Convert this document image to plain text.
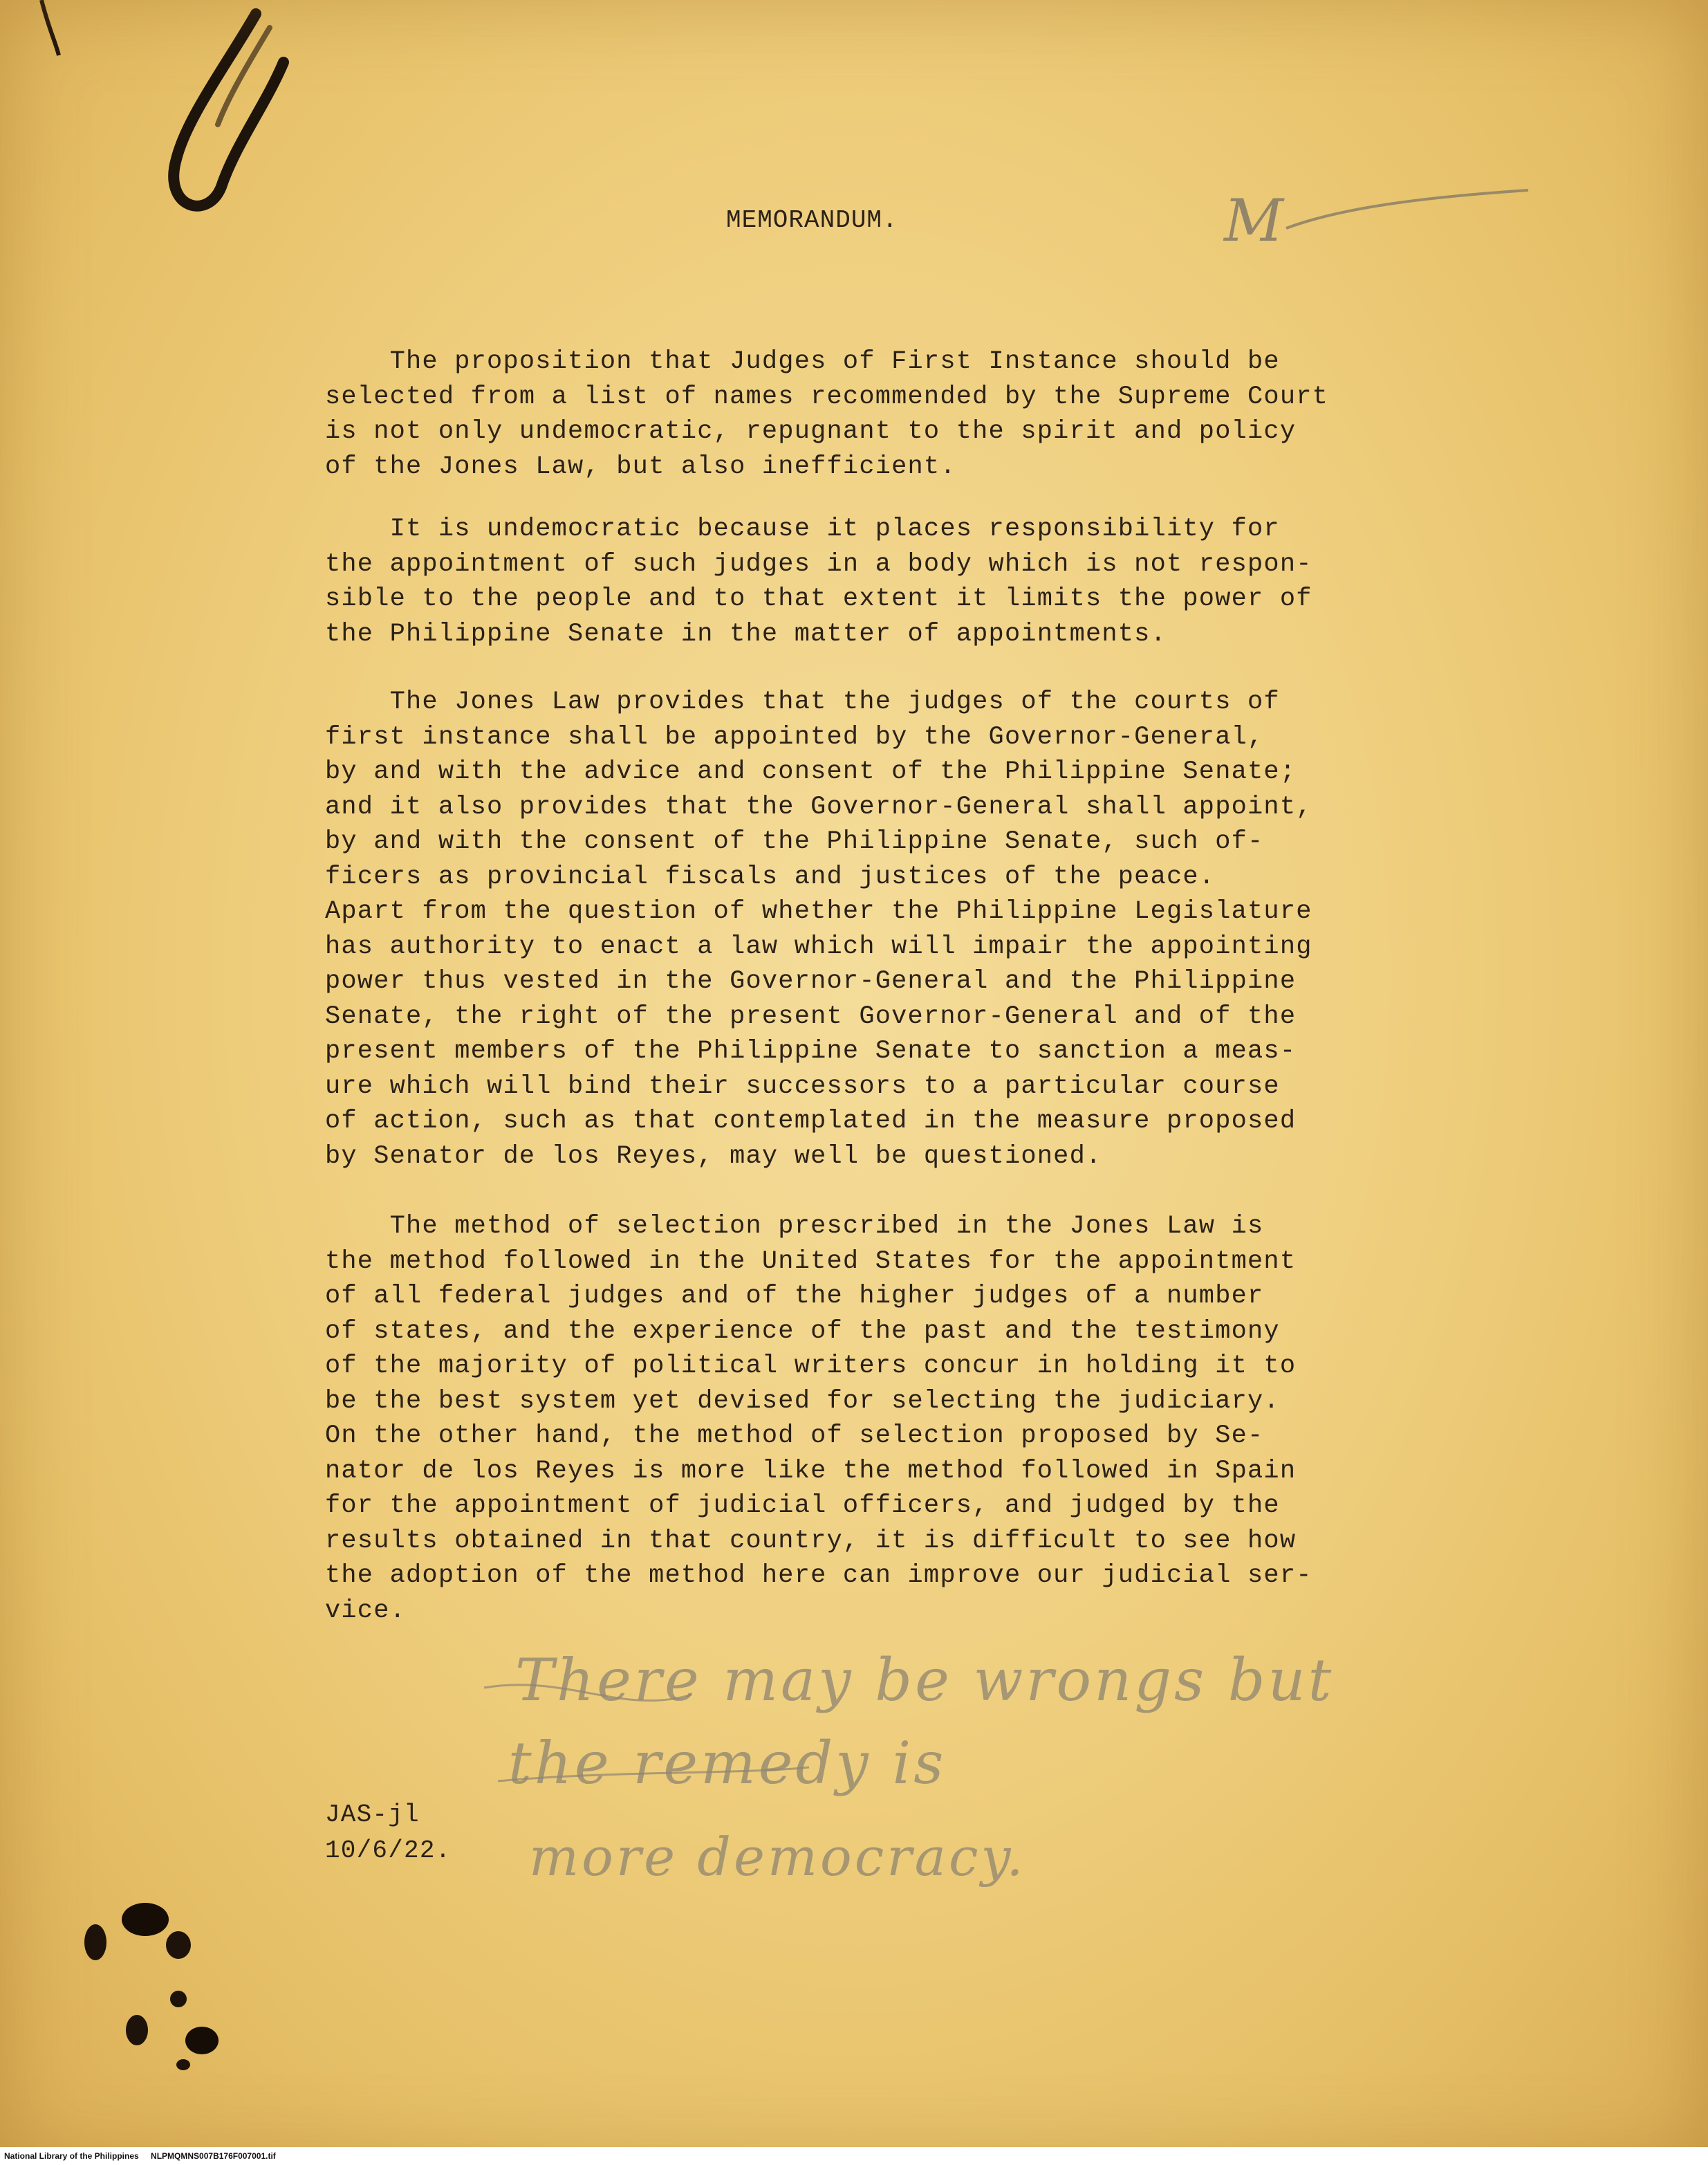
MEMORANDUM.	M

The proposition that Judges of First Instance should be
selected from a list of names recommended by the Supreme Court
is not only undemocratic, repugnant to the spirit and policy
of the Jones Law, but also inefficient.

It is undemocratic because it places responsibility for
the appointment of such judges in a body which is not respon-
sible to the people and to that extent it limits the power of
the Philippine Senate in the matter of appointments.

The Jones Law provides that the judges of the courts of
first instance shall be appointed by the Governor-General,
by and with the advice and consent of the Philippine Senate;
and it also provides that the Governor-General shall appoint,
by and with the consent of the Philippine Senate, such of-
ficers as provincial fiscals and justices of the peace.
Apart from the question of whether the Philippine Legislature
has authority to enact a law which will impair the appointing
power thus vested in the Governor-General and the Philippine
Senate, the right of the present Governor-General and of the
present members of the Philippine Senate to sanction a meas-
ure which will bind their successors to a particular course
of action, such as that contemplated in the measure proposed
by Senator de los Reyes, may well be questioned.

The method of selection prescribed in the Jones Law is
the method followed in the United States for the appointment
of all federal judges and of the higher judges of a number
of states, and the experience of the past and the testimony
of the majority of political writers concur in holding it to
be the best system yet devised for selecting the judiciary.
On the other hand, the method of selection proposed by Se-
nator de los Reyes is more like the method followed in Spain
for the appointment of judicial officers, and judged by the
results obtained in that country, it is difficult to see how
the adoption of the method here can improve our judicial ser-
vice.

There may be wrongs but
the remedy is
more democracy.
JAS-jl
10/6/22.
National Library of the Philippines NLPMQMNS007B176F007001.tif
